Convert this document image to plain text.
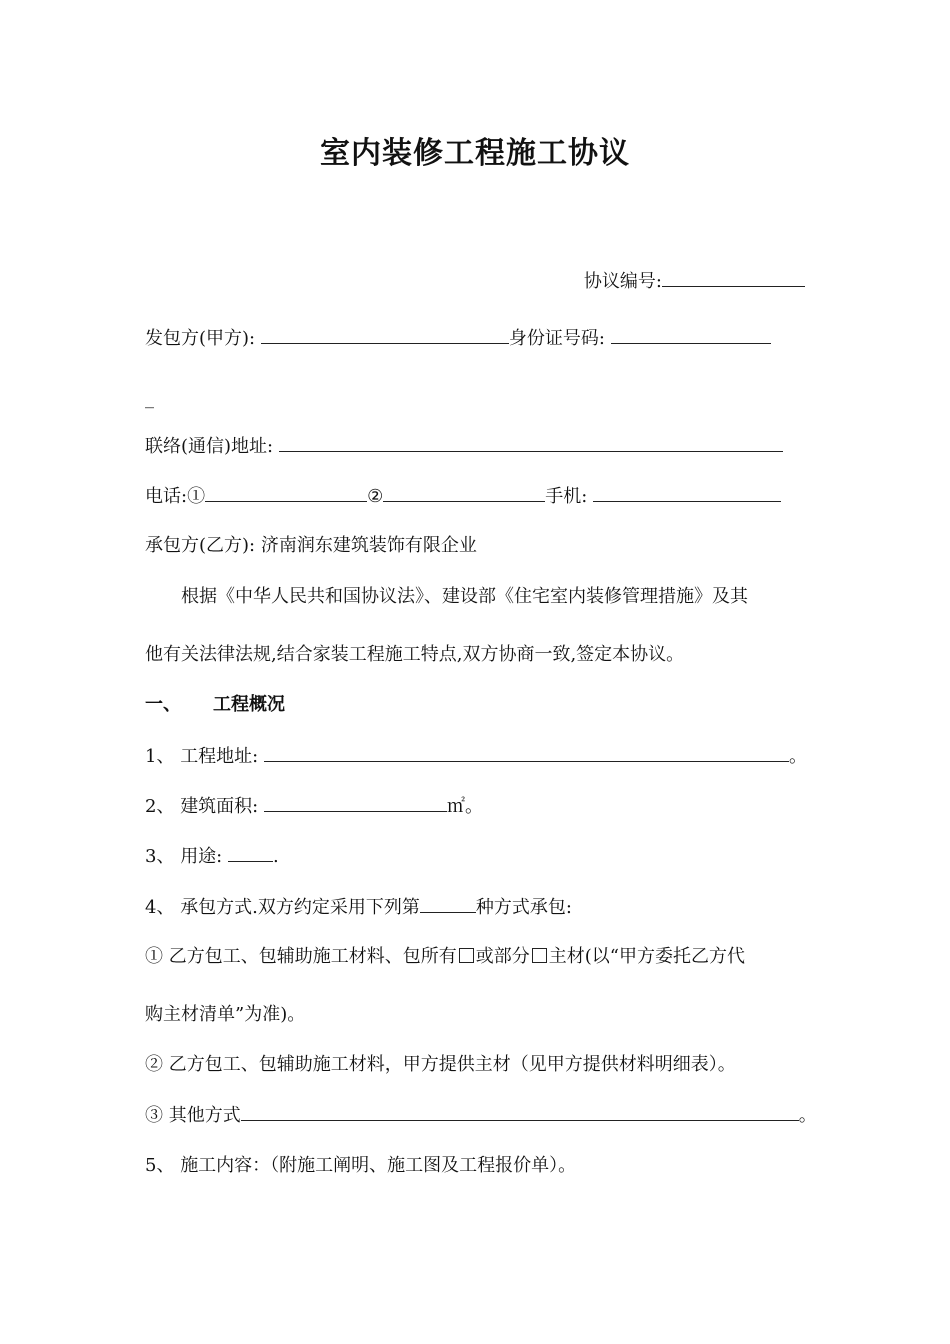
室内装修工程施工协议
协议编号:
发包方(甲方):	身份证号码:
_
联络(通信)地址:
电话:①	②	手机:
承包方(乙方): 济南润东建筑装饰有限企业
根据《中华人民共和国协议法》、建设部《住宅室内装修管理措施》及其
他有关法律法规,结合家装工程施工特点,双方协商一致,签定本协议。
一、 工程概况
1、 工程地址:	。
2、 建筑面积:	㎡。
3、 用途:	.
4、 承包方式.双方约定采用下列第	种方式承包:
① 乙方包工、包辅助施工材料、包所有 或部分 主材(以“甲方委托乙方代
购主材清单”为准)。
② 乙方包工、包辅助施工材料，甲方提供主材（见甲方提供材料明细表）。
③ 其他方式	。
5、 施工内容：（附施工阐明、施工图及工程报价单）。
